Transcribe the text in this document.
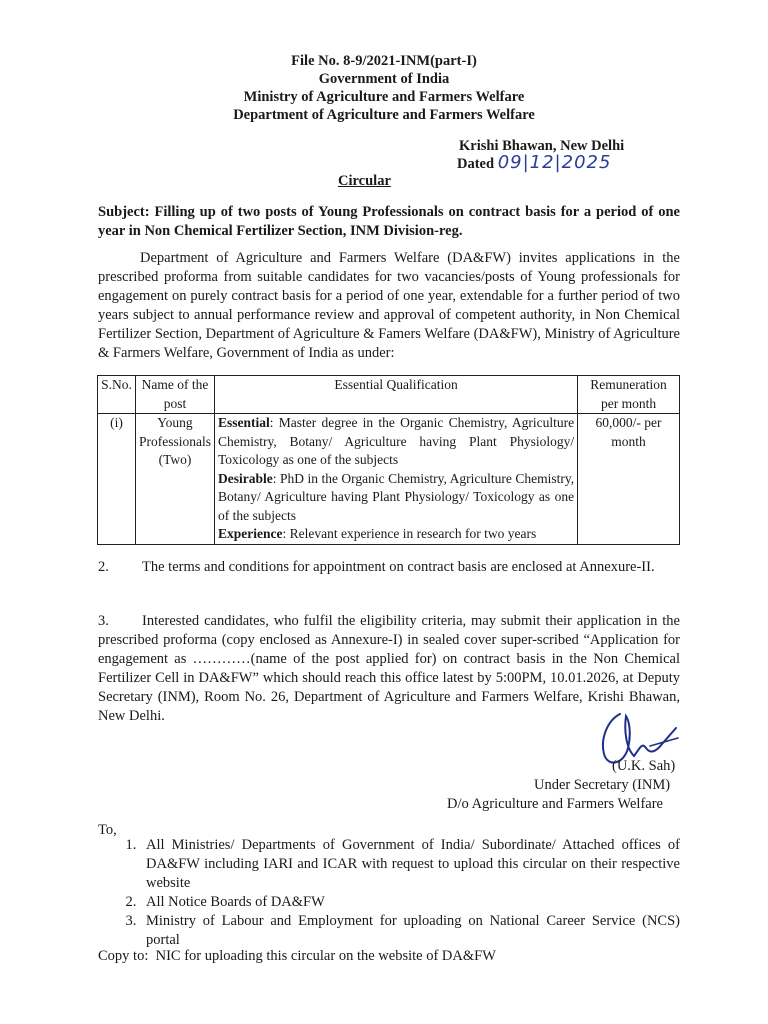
File No. 8-9/2021-INM(part-I)
Government of India
Ministry of Agriculture and Farmers Welfare
Department of Agriculture and Farmers Welfare
Krishi Bhawan, New Delhi
Dated 09|12|2025
Circular
Subject: Filling up of two posts of Young Professionals on contract basis for a period of one year in Non Chemical Fertilizer Section, INM Division-reg.
Department of Agriculture and Farmers Welfare (DA&FW) invites applications in the prescribed proforma from suitable candidates for two vacancies/posts of Young professionals for engagement on purely contract basis for a period of one year, extendable for a further period of two years subject to annual performance review and approval of competent authority, in Non Chemical Fertilizer Section, Department of Agriculture & Famers Welfare (DA&FW), Ministry of Agriculture & Farmers Welfare, Government of India as under:
S.No.	Name of the post	Essential Qualification	Remuneration per month
(i)	Young Professionals (Two)	Essential: Master degree in the Organic Chemistry, Agriculture Chemistry, Botany/ Agriculture having Plant Physiology/ Toxicology as one of the subjects
Desirable: PhD in the Organic Chemistry, Agriculture Chemistry, Botany/ Agriculture having Plant Physiology/ Toxicology as one of the subjects
Experience: Relevant experience in research for two years	60,000/- per month
2. The terms and conditions for appointment on contract basis are enclosed at Annexure-II.
3. Interested candidates, who fulfil the eligibility criteria, may submit their application in the prescribed proforma (copy enclosed as Annexure-I) in sealed cover super-scribed “Application for engagement as …………(name of the post applied for) on contract basis in the Non Chemical Fertilizer Cell in DA&FW” which should reach this office latest by 5:00PM, 10.01.2026, at Deputy Secretary (INM), Room No. 26, Department of Agriculture and Farmers Welfare, Krishi Bhawan, New Delhi.
(U.K. Sah)
Under Secretary (INM)
D/o Agriculture and Farmers Welfare
To,
1. All Ministries/ Departments of Government of India/ Subordinate/ Attached offices of DA&FW including IARI and ICAR with request to upload this circular on their respective website
2. All Notice Boards of DA&FW
3. Ministry of Labour and Employment for uploading on National Career Service (NCS) portal
Copy to:  NIC for uploading this circular on the website of DA&FW
